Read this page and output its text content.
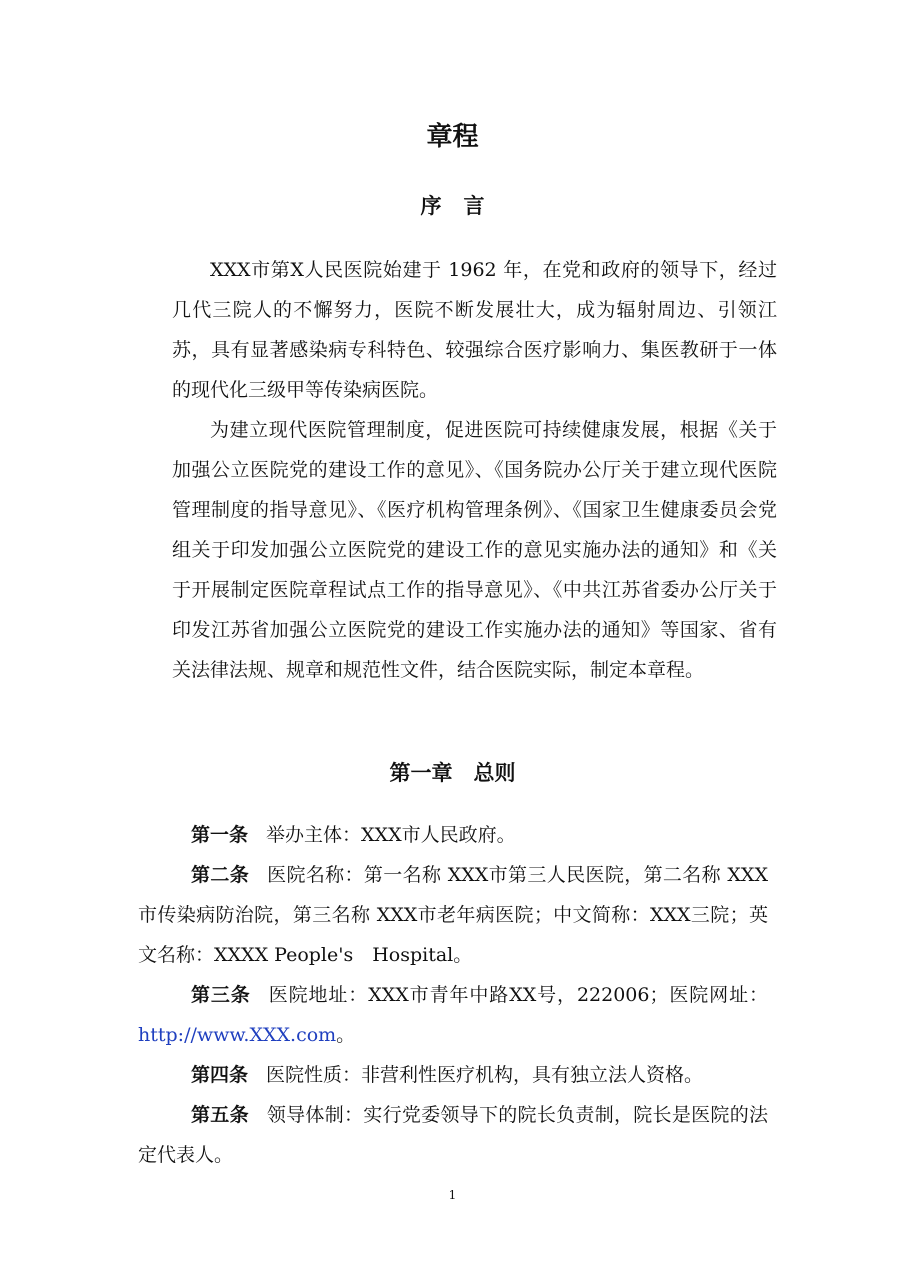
章程
序言

XXX市第X人民医院始建于 1962 年，在党和政府的领导下，经过几代三院人的不懈努力，医院不断发展壮大，成为辐射周边、引领江苏，具有显著感染病专科特色、较强综合医疗影响力、集医教研于一体的现代化三级甲等传染病医院。

为建立现代医院管理制度，促进医院可持续健康发展，根据《关于加强公立医院党的建设工作的意见》、《国务院办公厅关于建立现代医院管理制度的指导意见》、《医疗机构管理条例》、《国家卫生健康委员会党组关于印发加强公立医院党的建设工作的意见实施办法的通知》和《关于开展制定医院章程试点工作的指导意见》、《中共江苏省委办公厅关于印发江苏省加强公立医院党的建设工作实施办法的通知》等国家、省有关法律法规、规章和规范性文件，结合医院实际，制定本章程。

第一章　总则

第一条 举办主体：XXX市人民政府。

第二条 医院名称：第一名称 XXX市第三人民医院，第二名称 XXX市传染病防治院，第三名称 XXX市老年病医院；中文简称：XXX三院；英文名称：XXXX People's　Hospital。

第三条 医院地址：XXX市青年中路XX号，222006；医院网址：http://www.XXX.com。

第四条 医院性质：非营利性医疗机构，具有独立法人资格。

第五条 领导体制：实行党委领导下的院长负责制，院长是医院的法定代表人。

1
